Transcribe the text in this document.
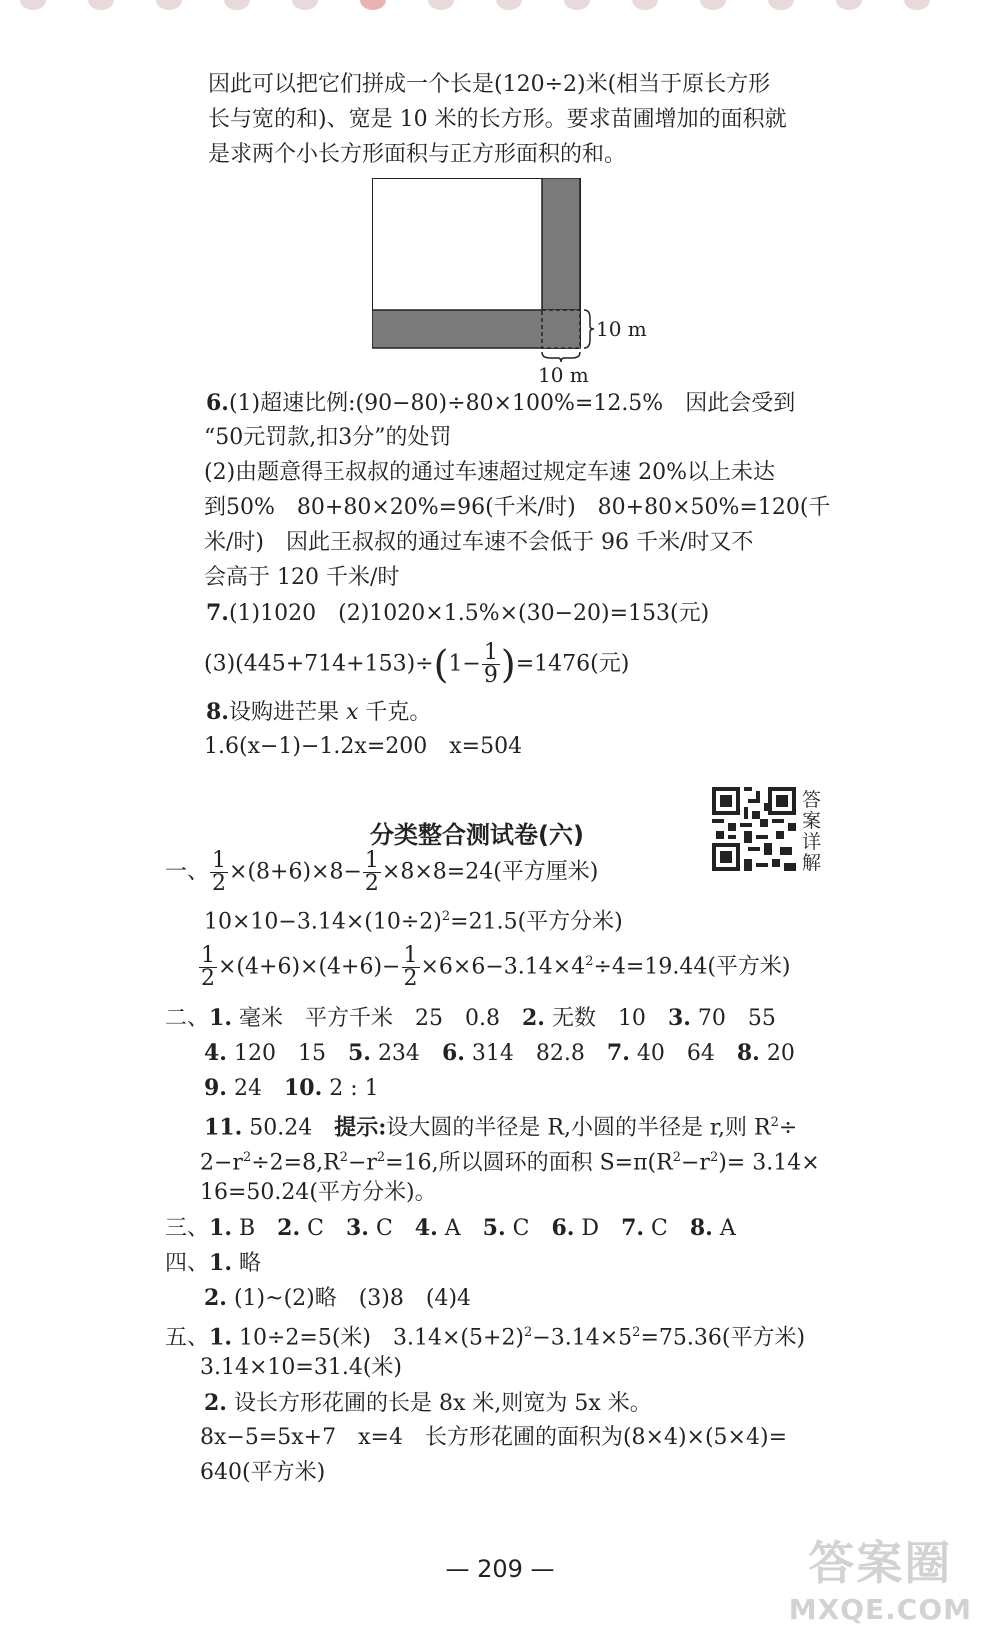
因此可以把它们拼成一个长是(120÷2)米(相当于原长方形
长与宽的和)、宽是 10 米的长方形。要求苗圃增加的面积就
是求两个小长方形面积与正方形面积的和。
10 m
10 m
6.(1)超速比例:(90−80)÷80×100%=12.5%　因此会受到
“50元罚款,扣3分”的处罚
(2)由题意得王叔叔的通过车速超过规定车速 20%以上未达
到50%　80+80×20%=96(千米/时)　80+80×50%=120(千
米/时)　因此王叔叔的通过车速不会低于 96 千米/时又不
会高于 120 千米/时
7.(1)1020　(2)1020×1.5%×(30−20)=153(元)
$(3)(445+714+153)\div(1- \frac{1}{9} )=1476$(元)
8.设购进芒果 x 千克。
1.6(x−1)−1.2x=200　x=504
分类整合测试卷(六)
答案详解
一、 $\frac{1}{2} \times(8+6)\times 8- \frac{1}{2} \times 8\times 8=24$(平方厘米)
$10\times 10-3.14\times(10\div 2)^2=21.5$(平方分米)
$\frac{1}{2} \times(4+6)\times(4+6)- \frac{1}{2} \times 6\times 6-3.14\times 4^2\div 4=19.44$(平方米)
二、1. 毫米　平方千米　25　0.8　2. 无数　10　3. 70　55
4. 120　15　5. 234　6. 314　82.8　7. 40　64　8. 20
9. 24　10. 2 : 1
11. 50.24　提示:设大圆的半径是 R,小圆的半径是 r,则 $R^2\div$
$2-r^2\div 2=8,R^2-r^2=16$,所以圆环的面积 $S=\pi(R^2-r^2)= 3.14\times$
16=50.24(平方分米)。
三、1. B　2. C　3. C　4. A　5. C　6. D　7. C　8. A
四、1. 略
2. (1)~(2)略　(3)8　(4)4
五、1. 10÷2=5(米)　$3.14\times(5+2)^2-3.14\times 5^2=75.36$(平方米)
3.14×10=31.4(米)
2. 设长方形花圃的长是 8x 米,则宽为 5x 米。
8x−5=5x+7　x=4　长方形花圃的面积为(8×4)×(5×4)=
640(平方米)
— 209 —	答案圈
MXQE.COM
